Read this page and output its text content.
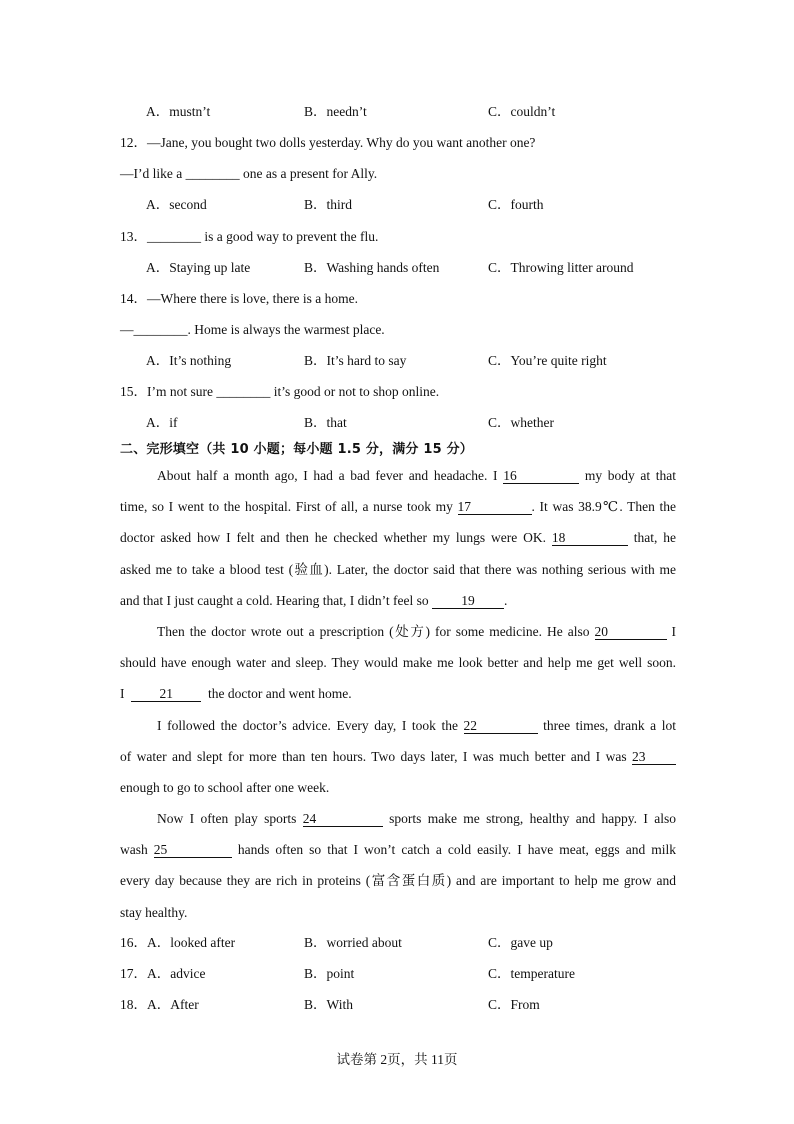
A．mustn’t	B．needn’t	C．couldn’t
12．—Jane, you bought two dolls yesterday. Why do you want another one?
—I’d like a ________ one as a present for Ally.
A．second	B．third	C．fourth
13．________ is a good way to prevent the flu.
A．Staying up late	B．Washing hands often	C．Throwing litter around
14．—Where there is love, there is a home.
—________. Home is always the warmest place.
A．It’s nothing	B．It’s hard to say	C．You’re quite right
15．I’m not sure ________ it’s good or not to shop online.
A．if	B．that	C．whether
二、完形填空（共 10 小题；每小题 1.5 分，满分 15 分）
About half a month ago, I had a bad fever and headache. I 16	my body at that
time, so I went to the hospital. First of all, a nurse took my 17	. It was 38.9℃. Then the
doctor asked how I felt and then he checked whether my lungs were OK. 18	that, he
asked me to take a blood test (验血). Later, the doctor said that there was nothing serious with me
and that I just caught a cold. Hearing that, I didn’t feel so 19 .
Then the doctor wrote out a prescription (处方) for some medicine. He also 20	I
should have enough water and sleep. They would make me look better and help me get well soon.
I	21	the doctor and went home.
I followed the doctor’s advice. Every day, I took the 22	three times, drank a lot
of water and slept for more than ten hours. Two days later, I was much better and I was 23
enough to go to school after one week.
Now I often play sports 24	sports make me strong, healthy and happy. I also
wash 25	hands often so that I won’t catch a cold easily. I have meat, eggs and milk
every day because they are rich in proteins (富含蛋白质) and are important to help me grow and
stay healthy.
16．A．looked after	B．worried about	C．gave up
17．A．advice	B．point	C．temperature
18．A．After	B．With	C．From
试卷第 2页，共 11页
